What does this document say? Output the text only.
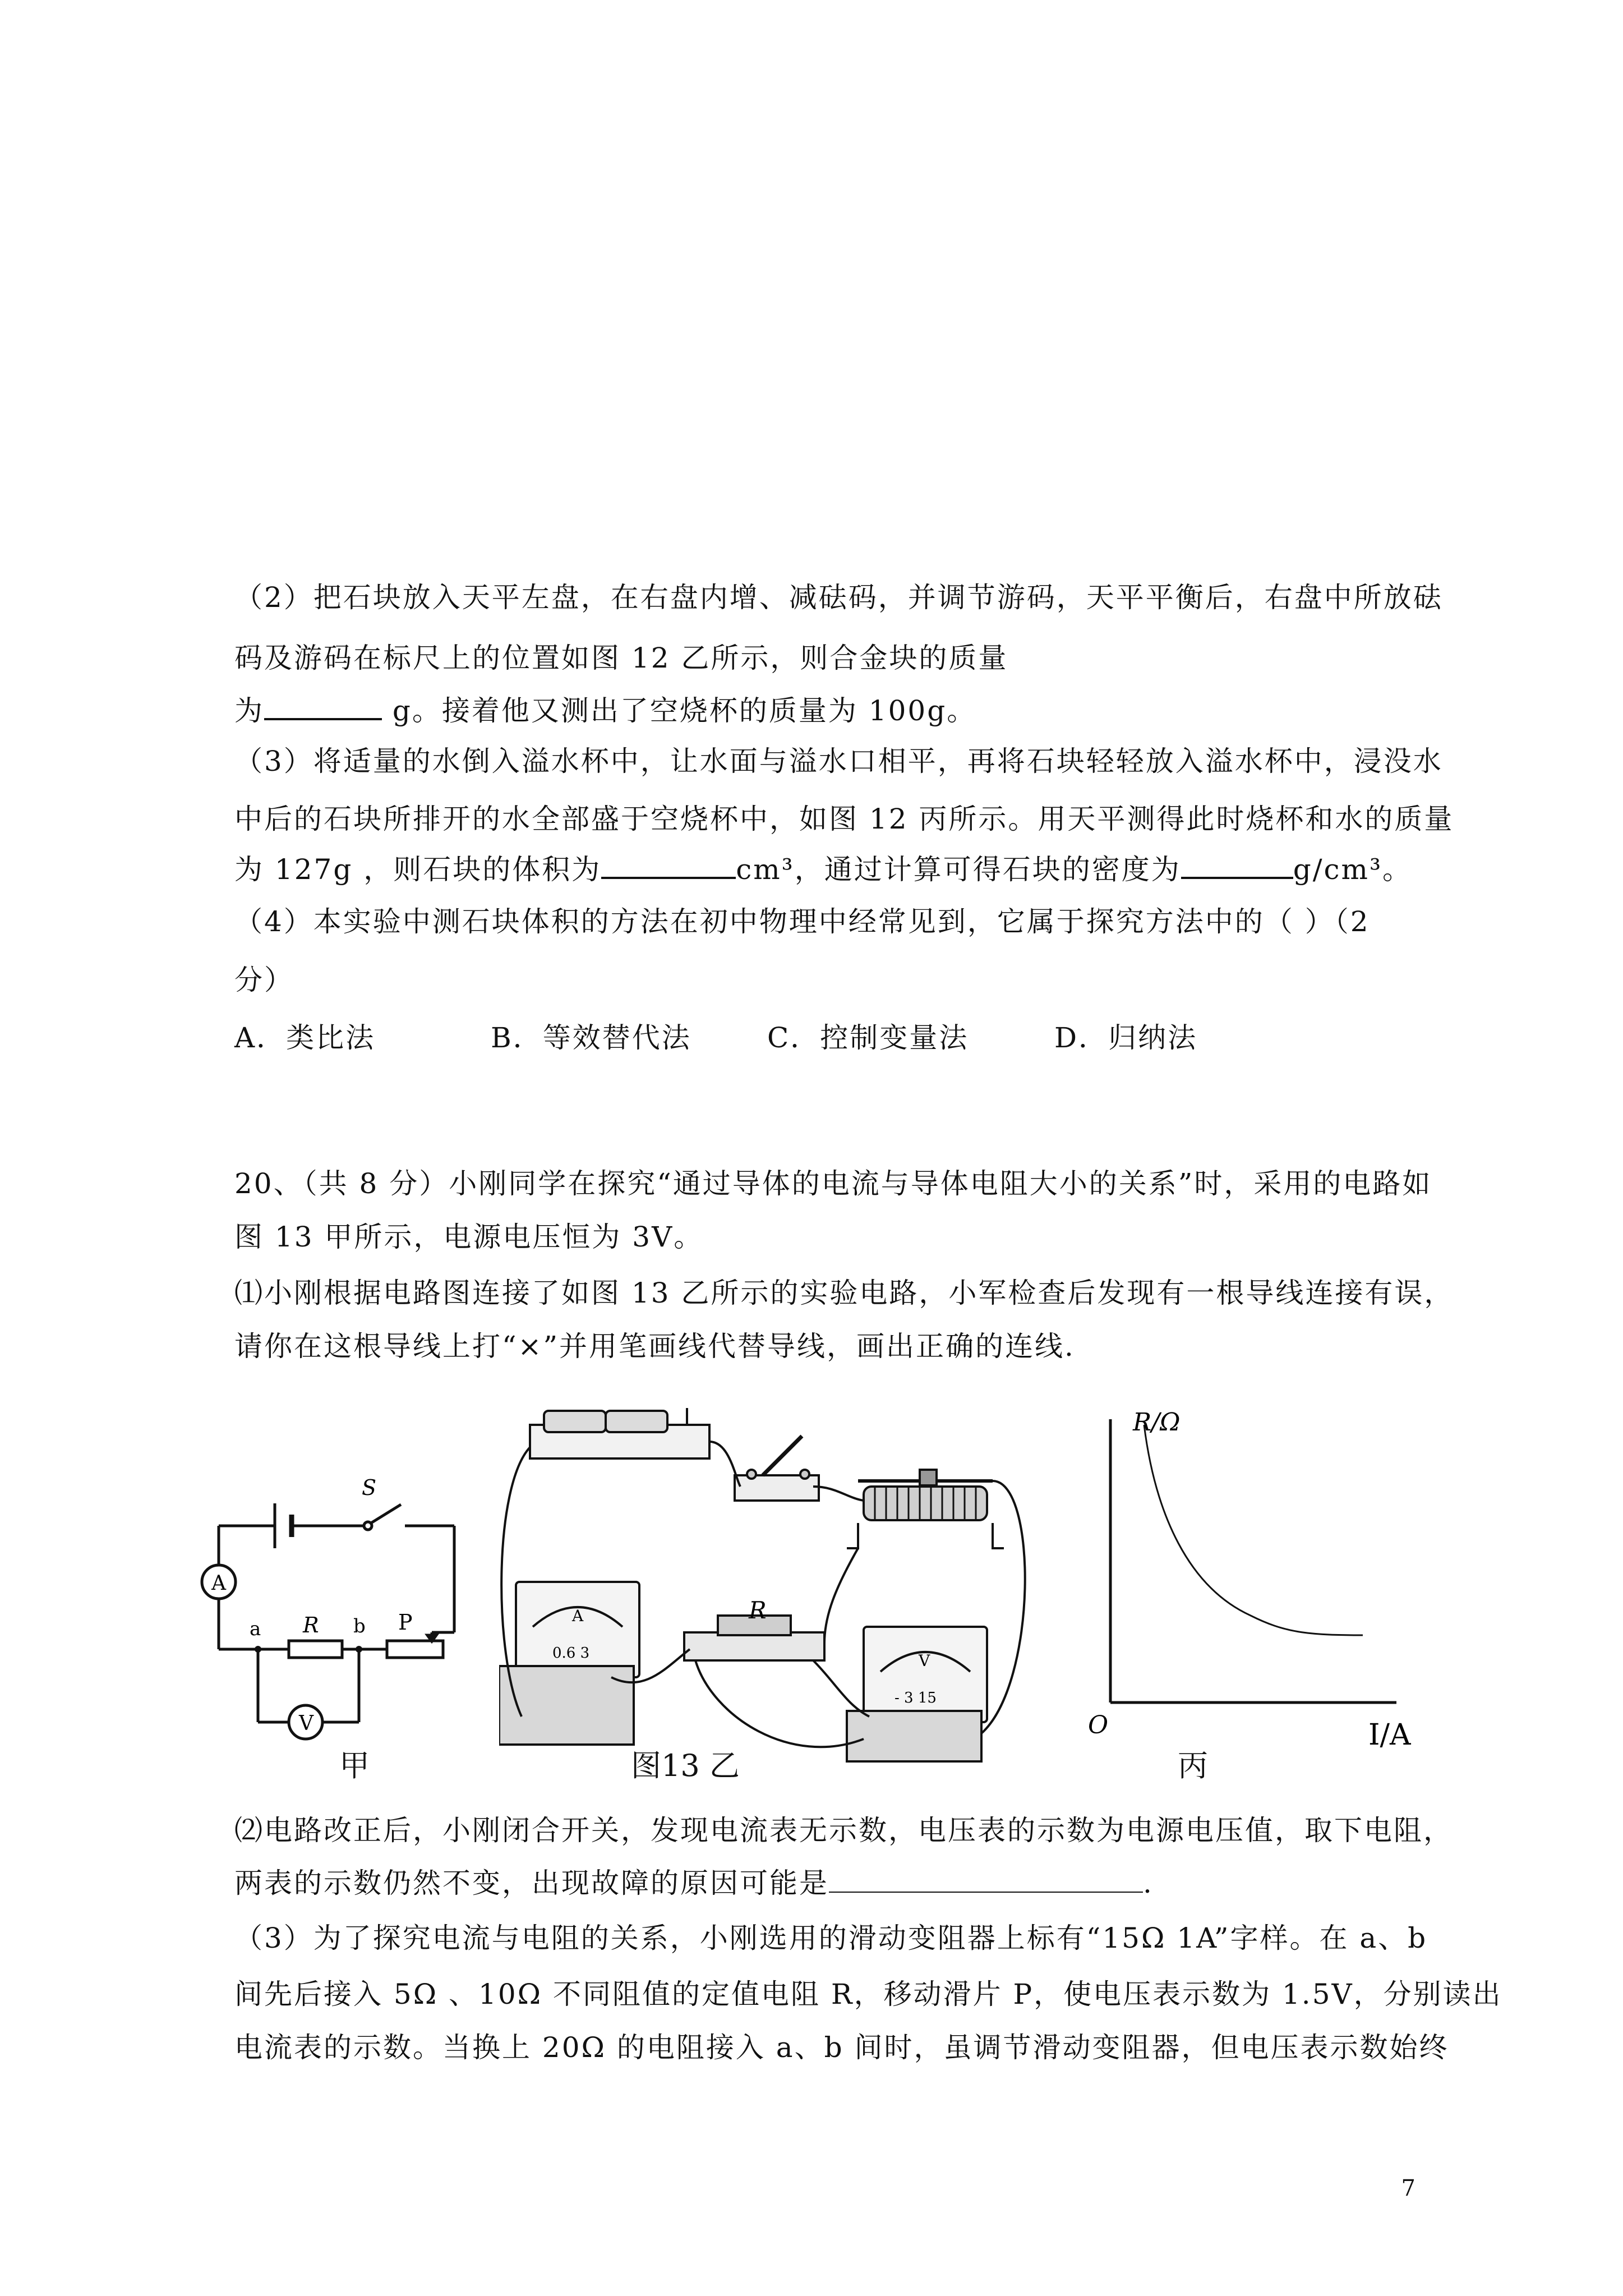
（2）把石块放入天平左盘，在右盘内增、减砝码，并调节游码，天平平衡后，右盘中所放砝
码及游码在标尺上的位置如图 12 乙所示，则合金块的质量
为	g。接着他又测出了空烧杯的质量为 100g。
（3）将适量的水倒入溢水杯中，让水面与溢水口相平，再将石块轻轻放入溢水杯中，浸没水
中后的石块所排开的水全部盛于空烧杯中，如图 12 丙所示。用天平测得此时烧杯和水的质量
为 127g ，则石块的体积为	cm³，通过计算可得石块的密度为	g/cm³。
（4）本实验中测石块体积的方法在初中物理中经常见到，它属于探究方法中的（ ）（2
分）
A．类比法	B．等效替代法	C．控制变量法	D．归纳法
20、（共 8 分）小刚同学在探究“通过导体的电流与导体电阻大小的关系”时，采用的电路如
图 13 甲所示，电源电压恒为 3V。
⑴小刚根据电路图连接了如图 13 乙所示的实验电路，小军检查后发现有一根导线连接有误，
请你在这根导线上打“×”并用笔画线代替导线，画出正确的连线.
S
A
V
a R b P
甲
A
0.6 3
R
V
- 3 15
图13 乙
R/Ω
O	I/A
丙
⑵电路改正后，小刚闭合开关，发现电流表无示数，电压表的示数为电源电压值，取下电阻，
两表的示数仍然不变，出现故障的原因可能是	.
（3）为了探究电流与电阻的关系，小刚选用的滑动变阻器上标有“15Ω 1A”字样。在 a、b
间先后接入 5Ω 、10Ω 不同阻值的定值电阻 R，移动滑片 P，使电压表示数为 1.5V，分别读出
电流表的示数。当换上 20Ω 的电阻接入 a、b 间时，虽调节滑动变阻器，但电压表示数始终
7
